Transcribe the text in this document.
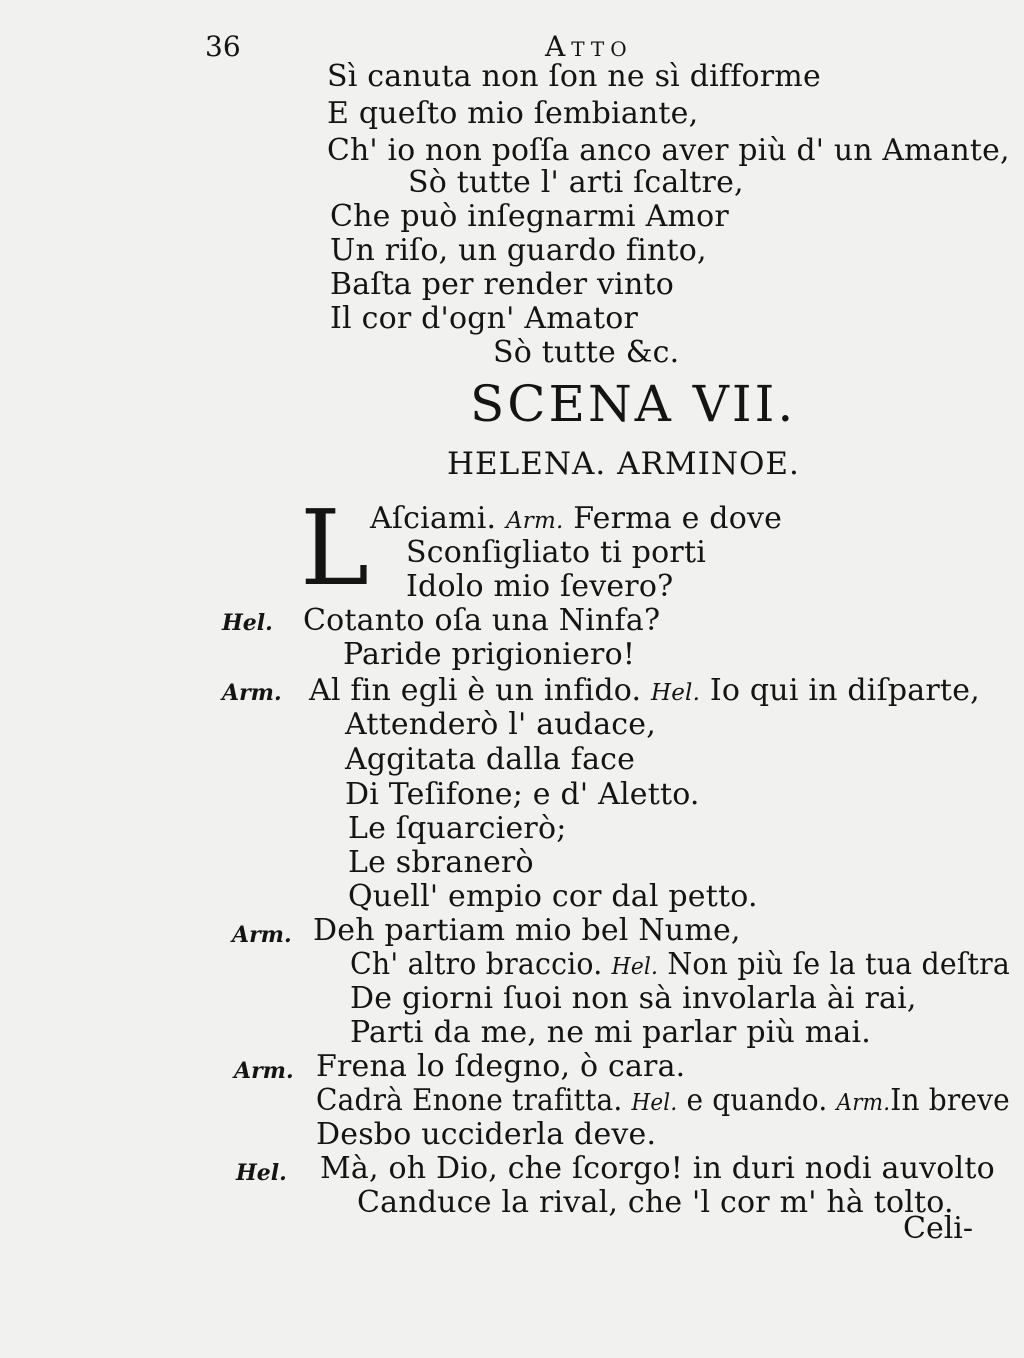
36	Atto
Sì canuta non ſon ne sì difforme
E queſto mio ſembiante,
Ch' io non poſſa anco aver più d' un Amante,
Sò tutte l' arti ſcaltre,
Che può inſegnarmi Amor
Un riſo, un guardo finto,
Baſta per render vinto
Il cor d'ogn' Amator
Sò tutte &c.
SCENA VII.
HELENA. ARMINOE.
L Aſciami. Arm. Ferma e dove
Sconſigliato ti porti
Idolo mio ſevero?
Hel. Cotanto oſa una Ninfa?
Paride prigioniero!
Arm. Al fin egli è un infido. Hel. Io qui in diſparte,
Attenderò l' audace,
Aggitata dalla face
Di Teſifone; e d' Aletto.
Le ſquarcierò;
Le sbranerò
Quell' empio cor dal petto.
Arm. Deh partiam mio bel Nume,
Ch' altro braccio. Hel. Non più ſe la tua deſtra
De giorni ſuoi non sà involarla ài rai,
Parti da me, ne mi parlar più mai.
Arm. Frena lo ſdegno, ò cara.
Cadrà Enone trafitta. Hel. e quando. Arm.In breve
Desbo ucciderla deve.
Hel. Mà, oh Dio, che ſcorgo! in duri nodi auvolto
Canduce la rival, che 'l cor m' hà tolto.
Celi-
